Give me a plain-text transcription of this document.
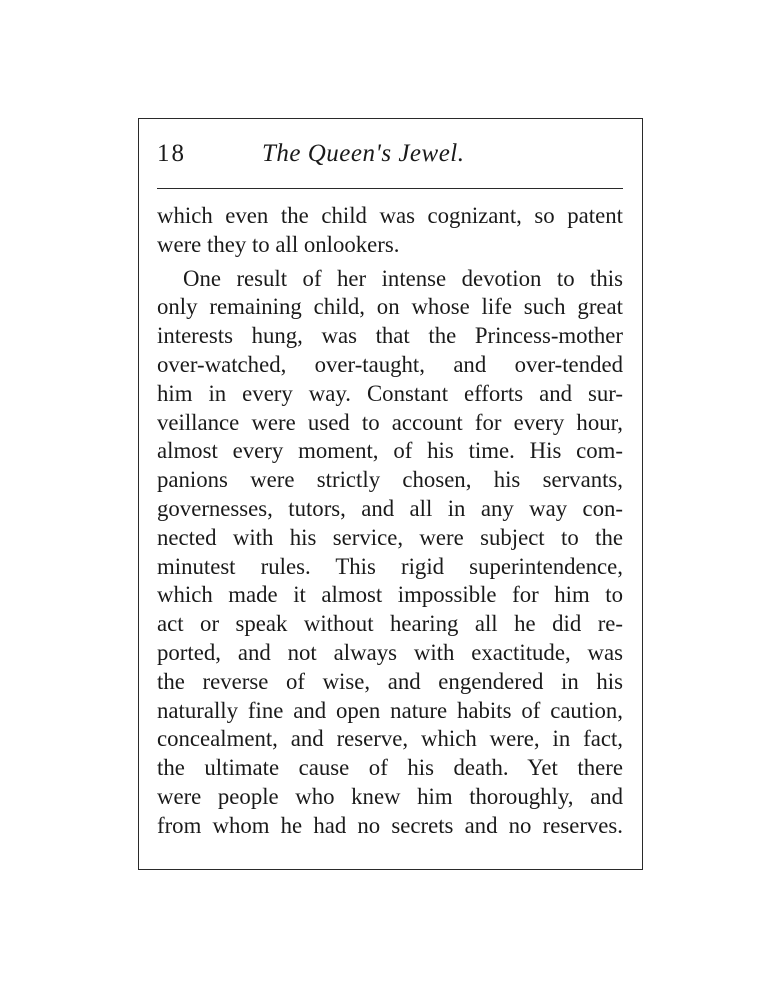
18	The Queen's Jewel.
which even the child was cognizant, so patent
were they to all onlookers.
One result of her intense devotion to this
only remaining child, on whose life such great
interests hung, was that the Princess-mother
over-watched, over-taught, and over-tended
him in every way. Constant efforts and sur-
veillance were used to account for every hour,
almost every moment, of his time. His com-
panions were strictly chosen, his servants,
governesses, tutors, and all in any way con-
nected with his service, were subject to the
minutest rules. This rigid superintendence,
which made it almost impossible for him to
act or speak without hearing all he did re-
ported, and not always with exactitude, was
the reverse of wise, and engendered in his
naturally fine and open nature habits of caution,
concealment, and reserve, which were, in fact,
the ultimate cause of his death. Yet there
were people who knew him thoroughly, and
from whom he had no secrets and no reserves.
